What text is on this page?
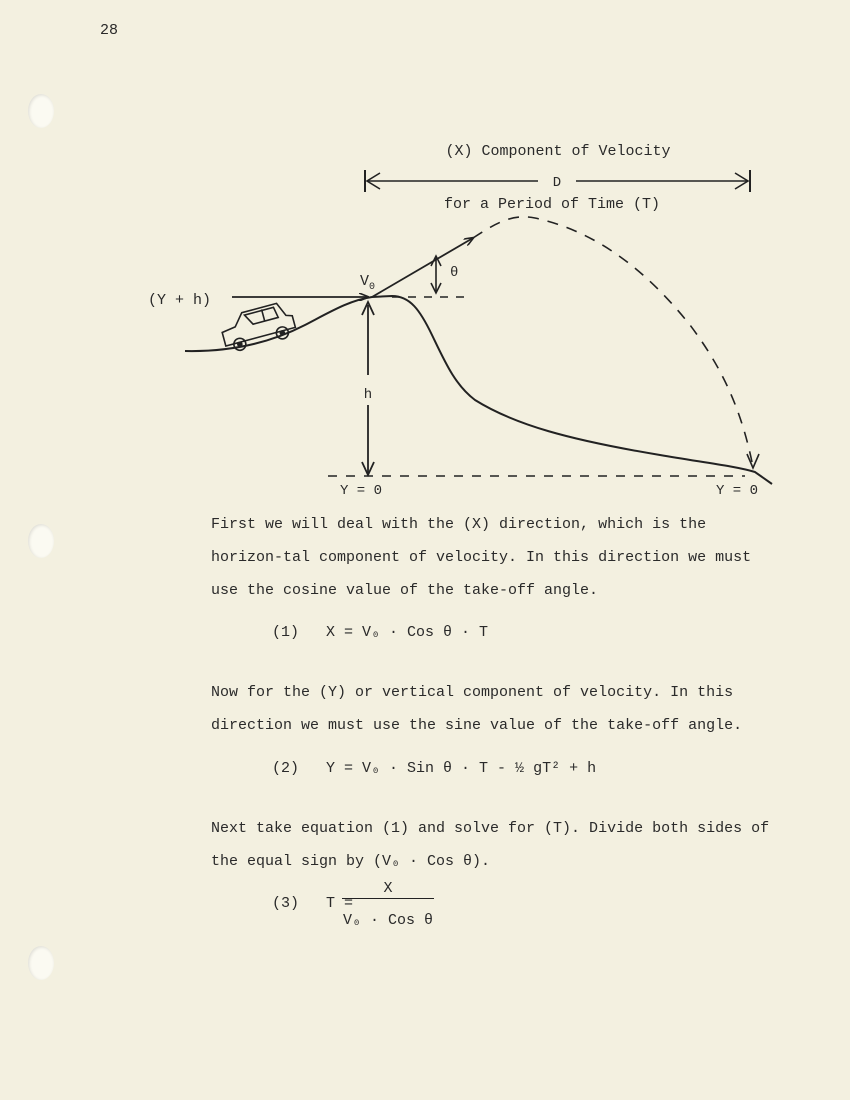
28
(X) Component of Velocity
D
for a Period of Time (T)
(Y + h)
$V_0$
θ
h
Y = 0	Y = 0

First we will deal with the (X) direction, which is the horizon-tal component of velocity. In this direction we must use the cosine value of the take-off angle.

(1) X = V₀ · Cos θ · T

Now for the (Y) or vertical component of velocity. In this direction we must use the sine value of the take-off angle.

(2) Y = V₀ · Sin θ · T - ½ gT² + h

Next take equation (1) and solve for (T). Divide both sides of the equal sign by (V₀ · Cos θ).

(3) T =
X
V₀ · Cos θ
